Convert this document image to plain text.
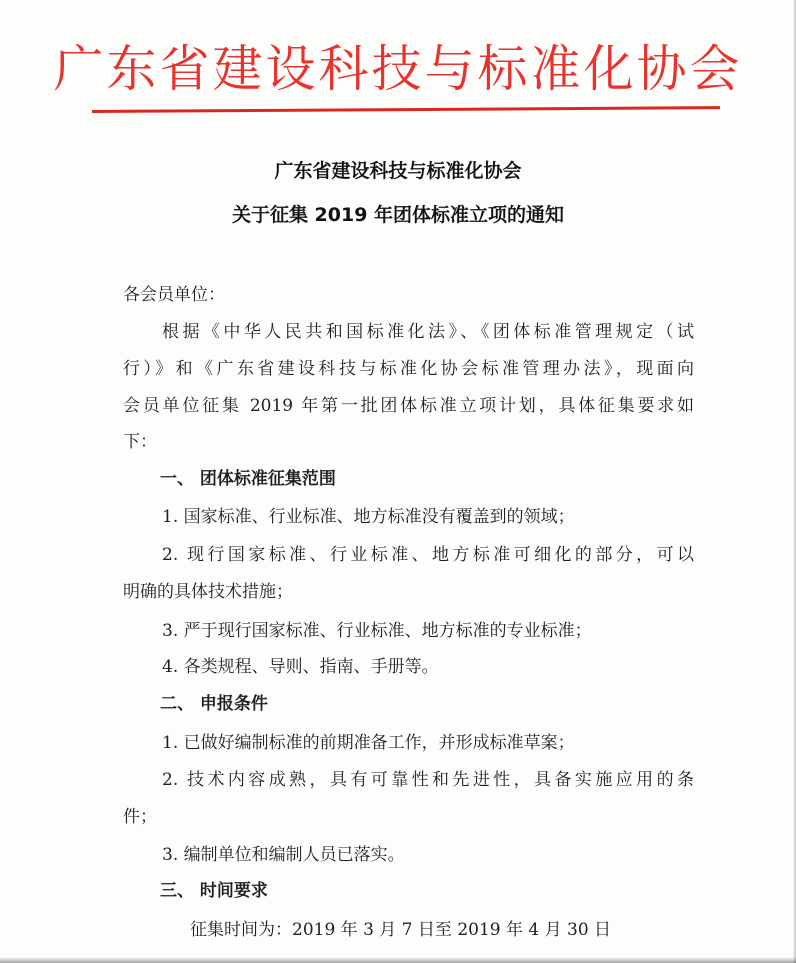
广东省建设科技与标准化协会
广东省建设科技与标准化协会
关于征集 2019 年团体标准立项的通知
各会员单位：
根据《中华人民共和国标准化法》、《团体标准管理规定（试
行）》和《广东省建设科技与标准化协会标准管理办法》，现面向
会员单位征集 2019 年第一批团体标准立项计划，具体征集要求如
下：
一、 团体标准征集范围
1. 国家标准、行业标准、地方标准没有覆盖到的领域；
2. 现行国家标准、行业标准、地方标准可细化的部分，可以
明确的具体技术措施；
3. 严于现行国家标准、行业标准、地方标准的专业标准；
4. 各类规程、导则、指南、手册等。
二、 申报条件
1. 已做好编制标准的前期准备工作，并形成标准草案；
2. 技术内容成熟，具有可靠性和先进性，具备实施应用的条
件；
3. 编制单位和编制人员已落实。
三、 时间要求
征集时间为：2019 年 3 月 7 日至 2019 年 4 月 30 日
